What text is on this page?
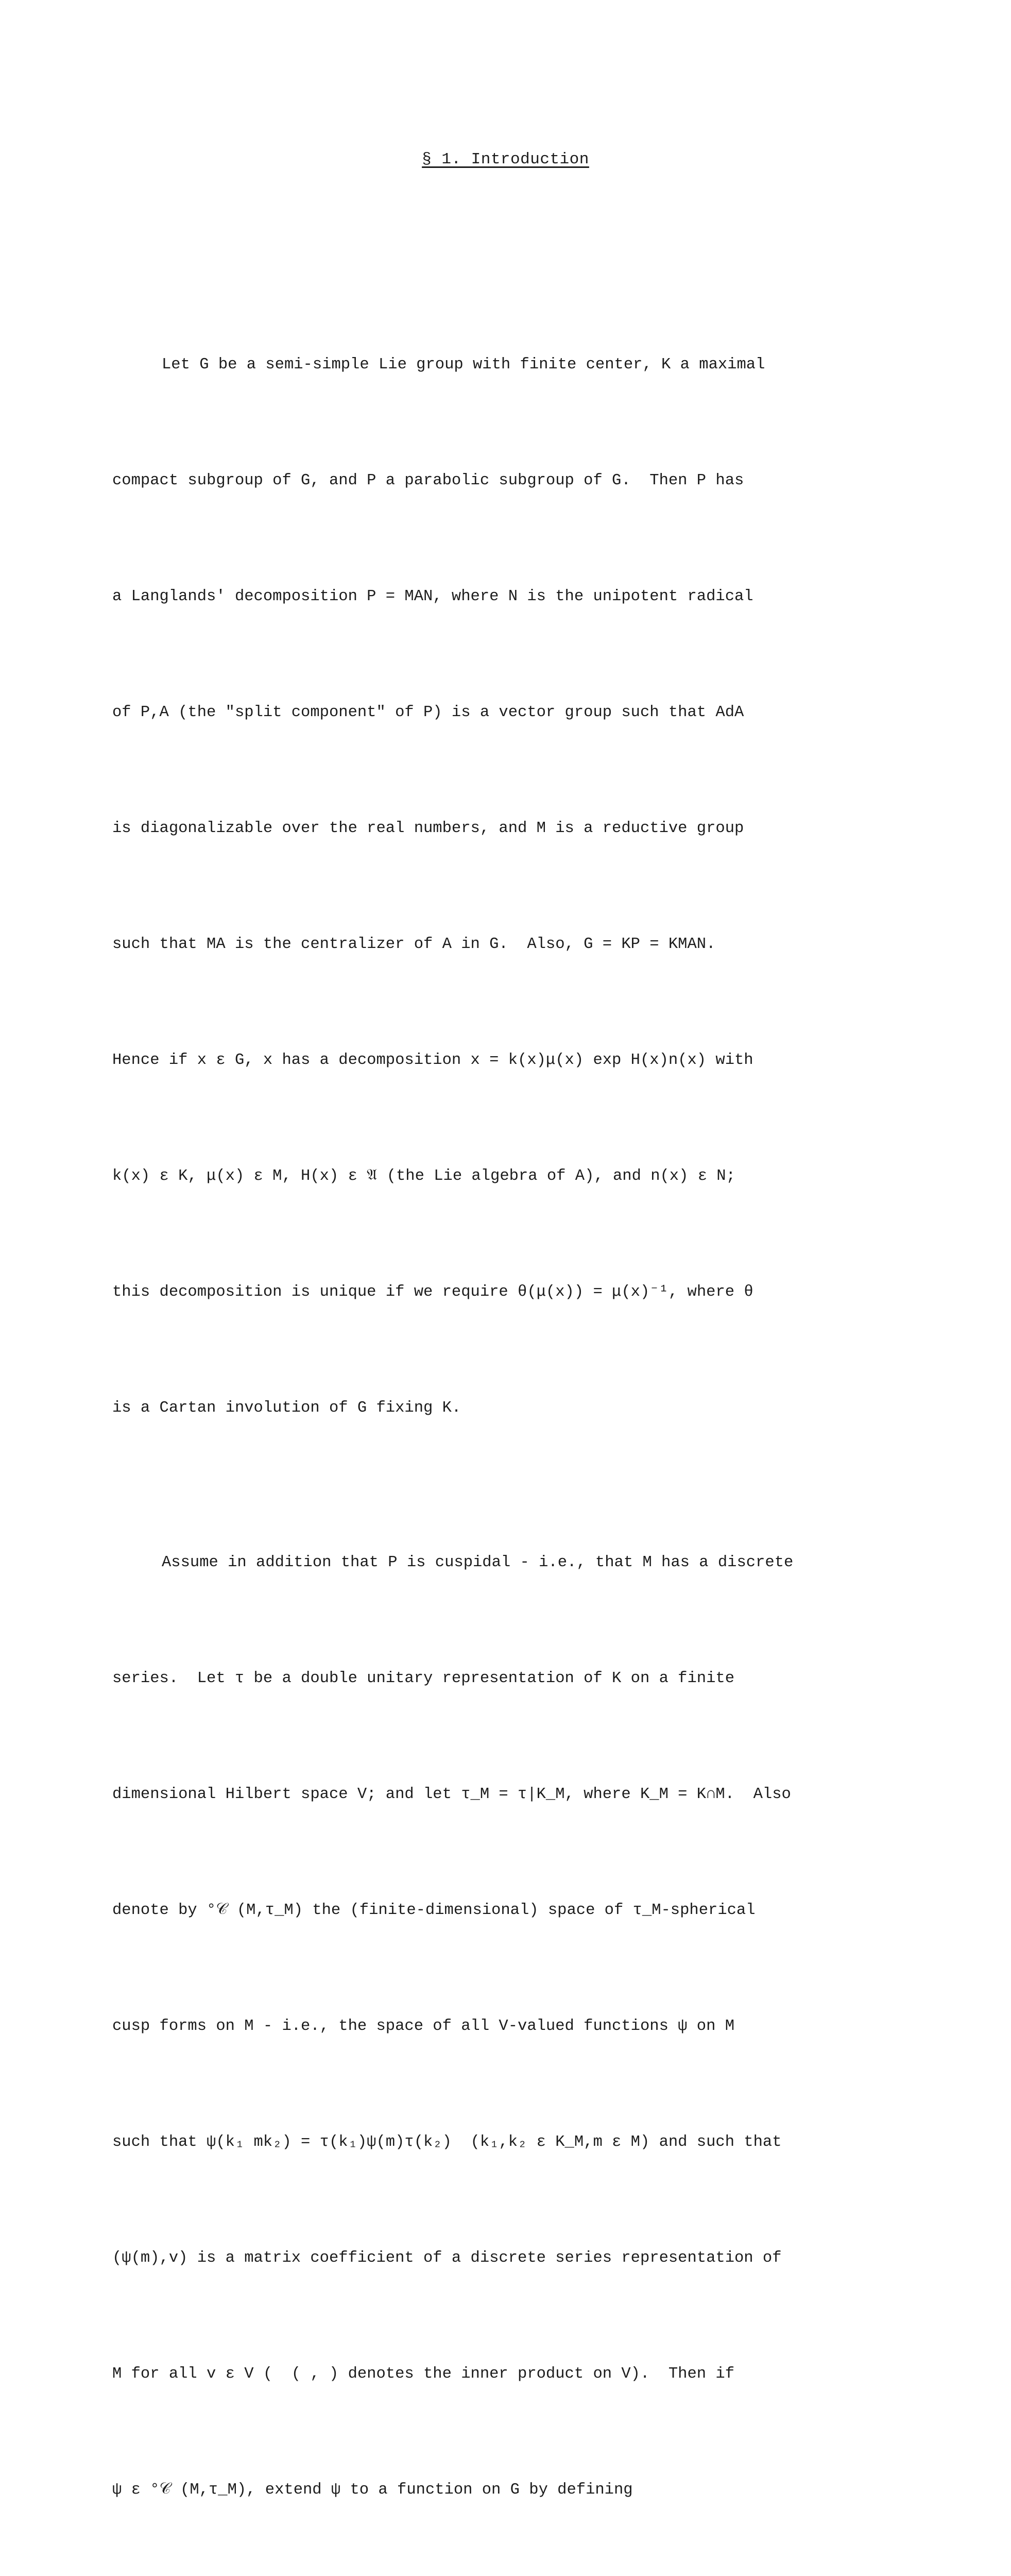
§ 1. Introduction

Let G be a semi-simple Lie group with finite center, K a maximal

compact subgroup of G, and P a parabolic subgroup of G.  Then P has

a Langlands' decomposition P = MAN, where N is the unipotent radical

of P,A (the "split component" of P) is a vector group such that AdA

is diagonalizable over the real numbers, and M is a reductive group

such that MA is the centralizer of A in G.  Also, G = KP = KMAN.

Hence if x ε G, x has a decomposition x = k(x)μ(x) exp H(x)n(x) with

k(x) ε K, μ(x) ε M, H(x) ε 𝔄 (the Lie algebra of A), and n(x) ε N;

this decomposition is unique if we require θ(μ(x)) = μ(x)⁻¹, where θ

is a Cartan involution of G fixing K.

Assume in addition that P is cuspidal - i.e., that M has a discrete

series.  Let τ be a double unitary representation of K on a finite

dimensional Hilbert space V; and let τ_M = τ|K_M, where K_M = K∩M.  Also

denote by °𝒞 (M,τ_M) the (finite-dimensional) space of τ_M-spherical

cusp forms on M - i.e., the space of all V-valued functions ψ on M

such that ψ(k₁ mk₂) = τ(k₁)ψ(m)τ(k₂)  (k₁,k₂ ε K_M,m ε M) and such that

(ψ(m),v) is a matrix coefficient of a discrete series representation of

M for all v ε V (  ( , ) denotes the inner product on V).  Then if

ψ ε °𝒞 (M,τ_M), extend ψ to a function on G by defining
